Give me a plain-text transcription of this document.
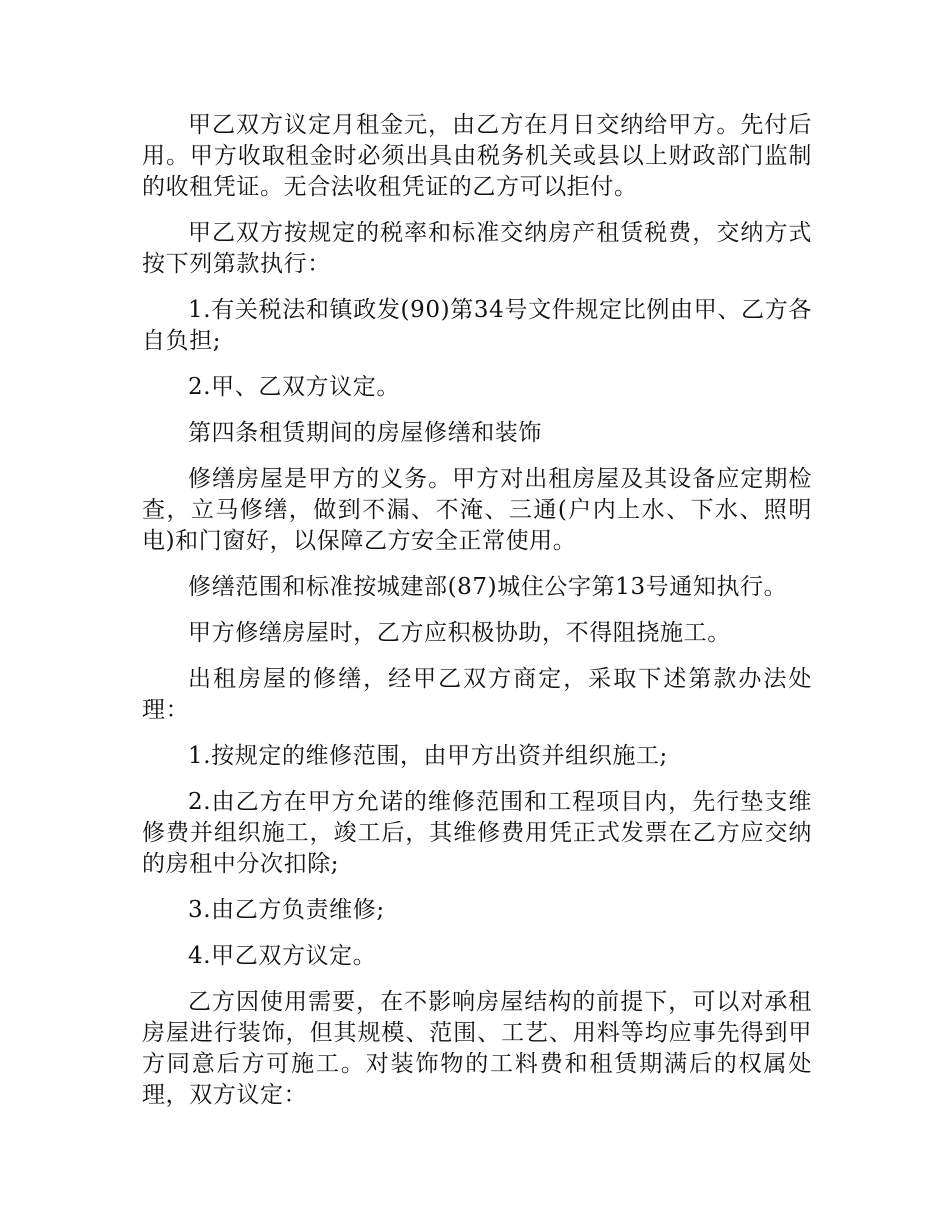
甲乙双方议定月租金元，由乙方在月日交纳给甲方。先付后用。甲方收取租金时必须出具由税务机关或县以上财政部门监制的收租凭证。无合法收租凭证的乙方可以拒付。

甲乙双方按规定的税率和标准交纳房产租赁税费，交纳方式按下列第款执行：

1.有关税法和镇政发(90)第34号文件规定比例由甲、乙方各自负担;

2.甲、乙双方议定。

第四条租赁期间的房屋修缮和装饰

修缮房屋是甲方的义务。甲方对出租房屋及其设备应定期检查，立马修缮，做到不漏、不淹、三通(户内上水、下水、照明电)和门窗好，以保障乙方安全正常使用。

修缮范围和标准按城建部(87)城住公字第13号通知执行。

甲方修缮房屋时，乙方应积极协助，不得阻挠施工。

出租房屋的修缮，经甲乙双方商定，采取下述第款办法处理：

1.按规定的维修范围，由甲方出资并组织施工;

2.由乙方在甲方允诺的维修范围和工程项目内，先行垫支维修费并组织施工，竣工后，其维修费用凭正式发票在乙方应交纳的房租中分次扣除;

3.由乙方负责维修;

4.甲乙双方议定。

乙方因使用需要，在不影响房屋结构的前提下，可以对承租房屋进行装饰，但其规模、范围、工艺、用料等均应事先得到甲方同意后方可施工。对装饰物的工料费和租赁期满后的权属处理，双方议定：
